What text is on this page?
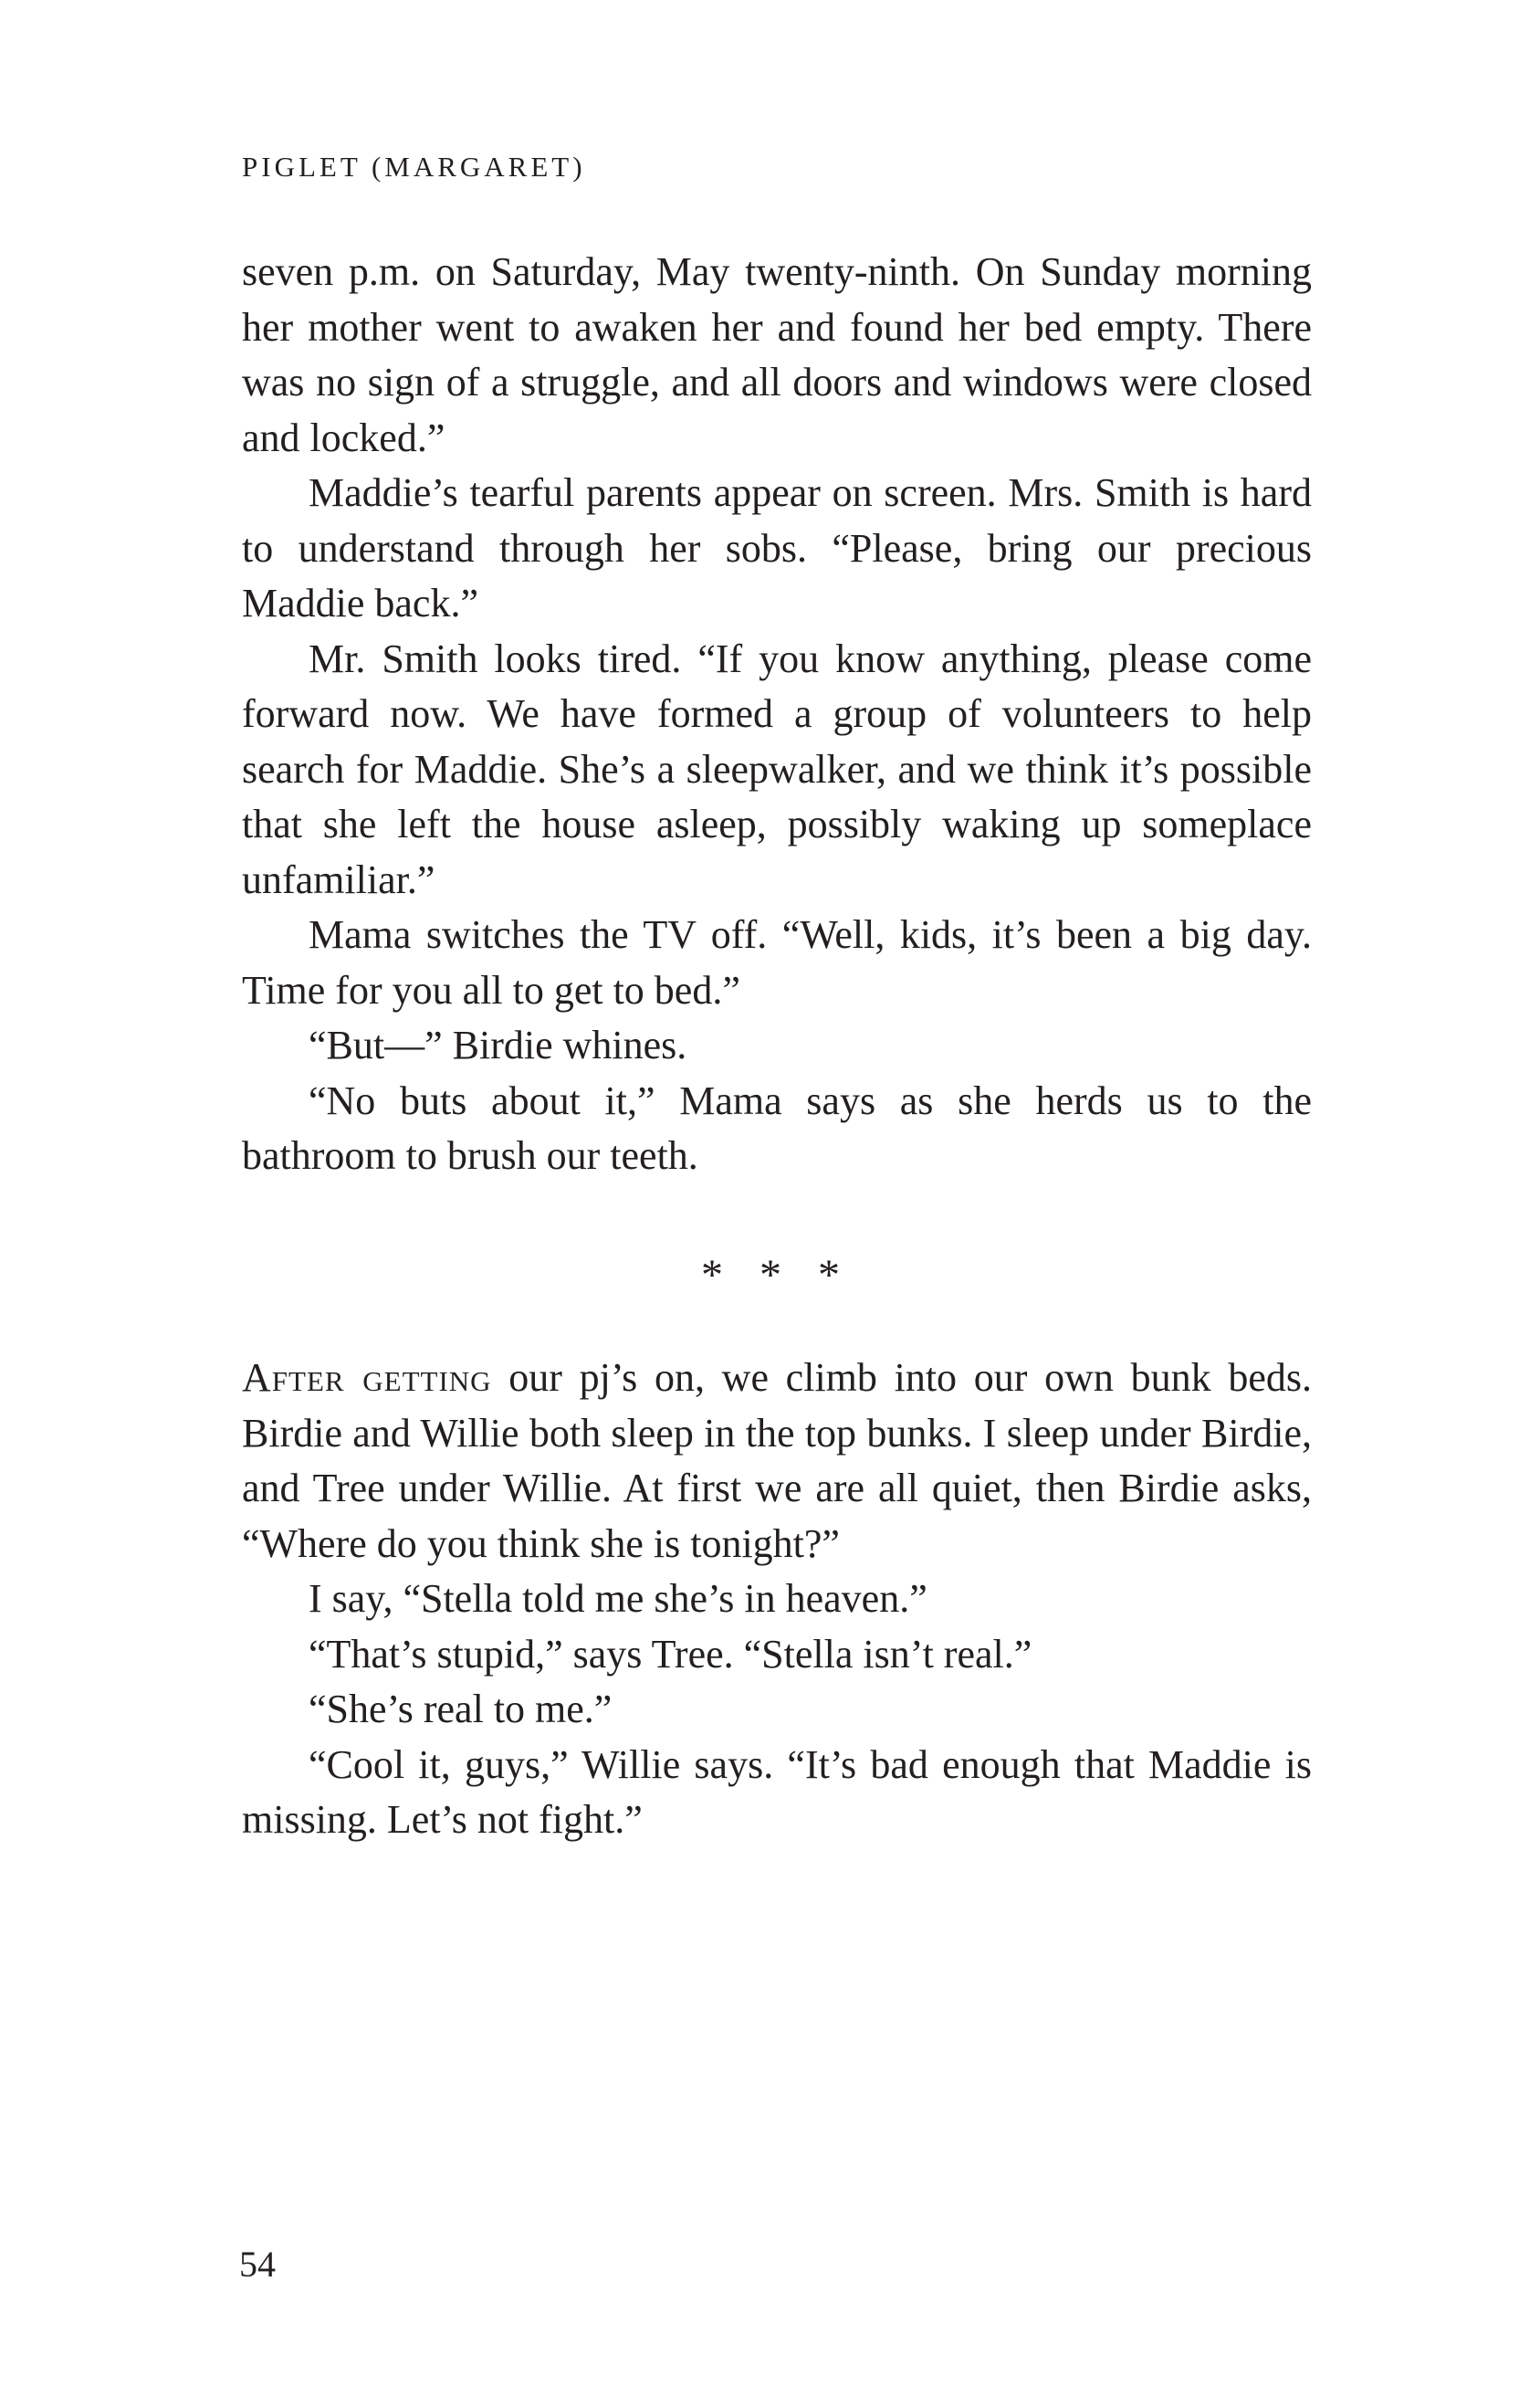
PIGLET (MARGARET)

seven p.m. on Saturday, May twenty-ninth. On Sunday morning her mother went to awaken her and found her bed empty. There was no sign of a struggle, and all doors and windows were closed and locked.”

Maddie’s tearful parents appear on screen. Mrs. Smith is hard to understand through her sobs. “Please, bring our precious Maddie back.”

Mr. Smith looks tired. “If you know anything, please come forward now. We have formed a group of volunteers to help search for Maddie. She’s a sleepwalker, and we think it’s possible that she left the house asleep, possibly waking up someplace unfamiliar.”

Mama switches the TV off. “Well, kids, it’s been a big day. Time for you all to get to bed.”

“But—” Birdie whines.

“No buts about it,” Mama says as she herds us to the bathroom to brush our teeth.

* * *

After getting our pj’s on, we climb into our own bunk beds. Birdie and Willie both sleep in the top bunks. I sleep under Birdie, and Tree under Willie. At first we are all quiet, then Birdie asks, “Where do you think she is tonight?”

I say, “Stella told me she’s in heaven.”

“That’s stupid,” says Tree. “Stella isn’t real.”

“She’s real to me.”

“Cool it, guys,” Willie says. “It’s bad enough that Maddie is missing. Let’s not fight.”

54
